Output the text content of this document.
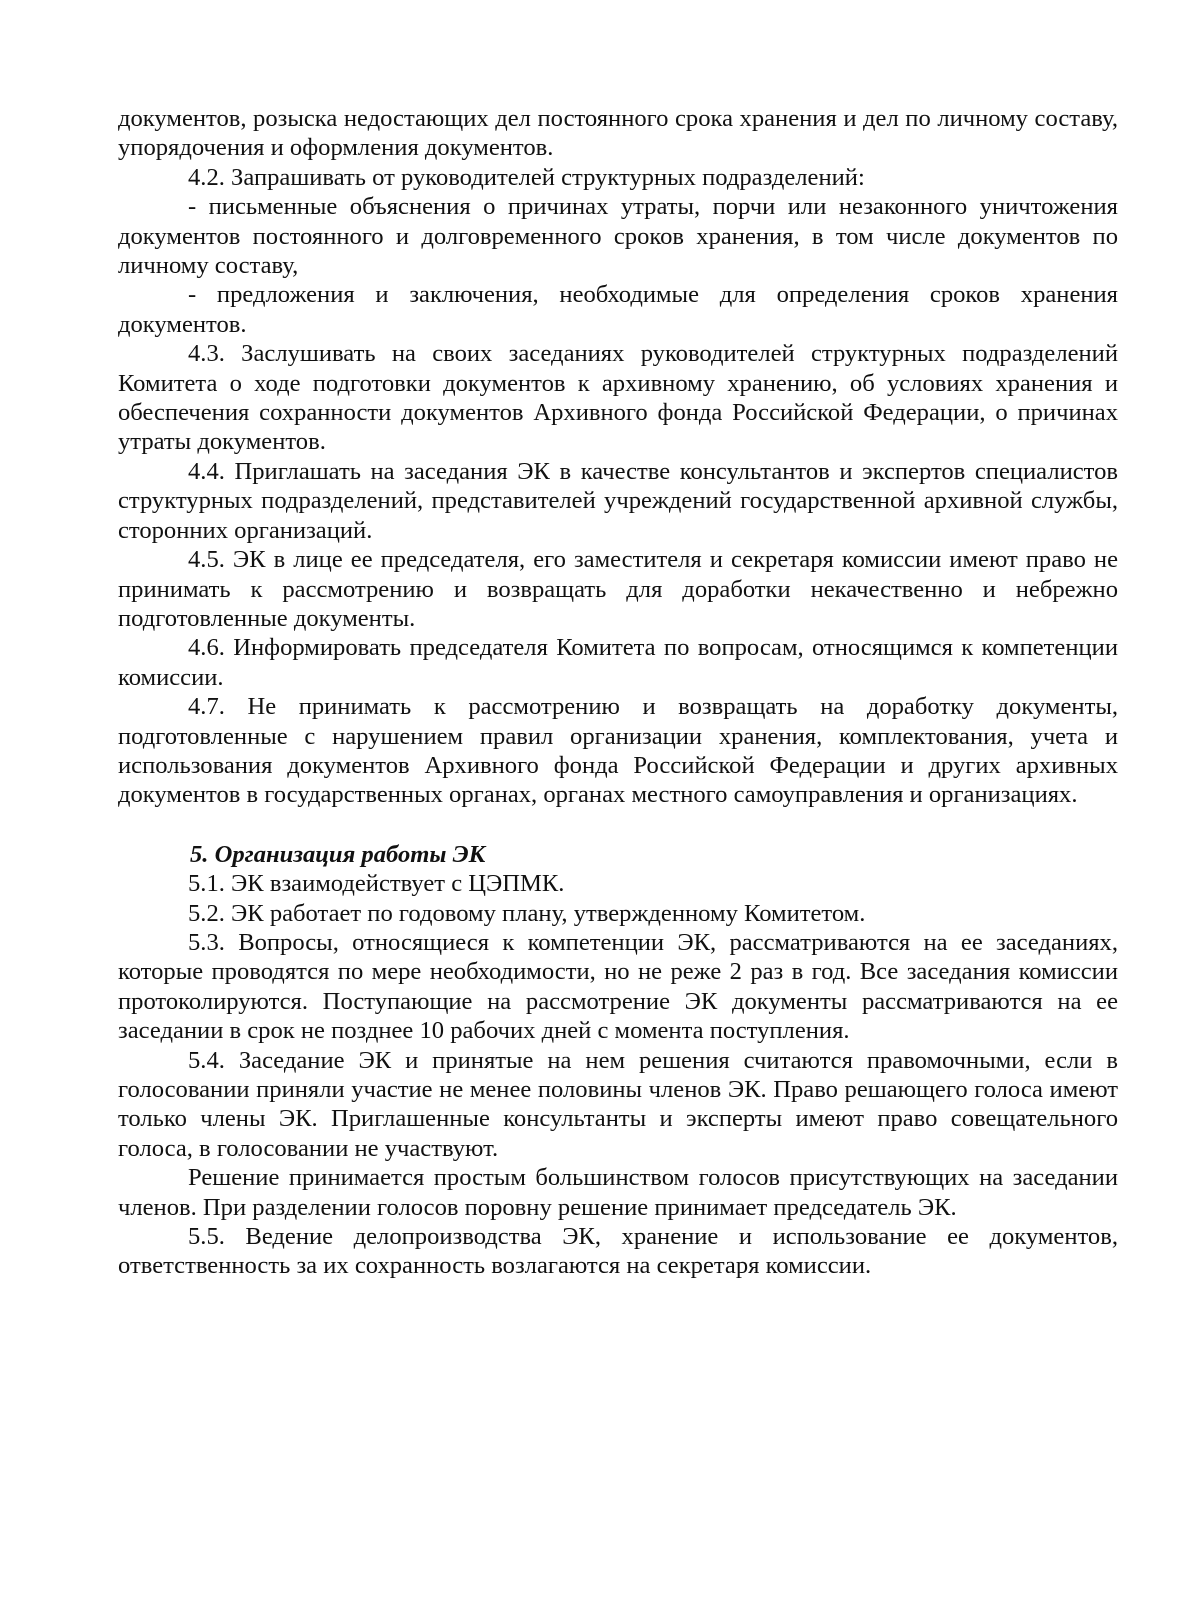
документов, розыска недостающих дел постоянного срока хранения и дел по личному составу, упорядочения и оформления документов.

4.2. Запрашивать от руководителей структурных подразделений:

- письменные объяснения о причинах утраты, порчи или незаконного уничтожения документов постоянного и долговременного сроков хранения, в том числе документов по личному составу,

- предложения и заключения, необходимые для определения сроков хранения документов.

4.3. Заслушивать на своих заседаниях руководителей структурных подразделений Комитета о ходе подготовки документов к архивному хранению, об условиях хранения и обеспечения сохранности документов Архивного фонда Российской Федерации, о причинах утраты документов.

4.4. Приглашать на заседания ЭК в качестве консультантов и экспертов специалистов структурных подразделений, представителей учреждений государственной архивной службы, сторонних организаций.

4.5. ЭК в лице ее председателя, его заместителя и секретаря комиссии имеют право не принимать к рассмотрению и возвращать для доработки некачественно и небрежно подготовленные документы.

4.6. Информировать председателя Комитета по вопросам, относящимся к компетенции комиссии.

4.7. Не принимать к рассмотрению и возвращать на доработку документы, подготовленные с нарушением правил организации хранения, комплектования, учета и использования документов Архивного фонда Российской Федерации и других архивных документов в государственных органах, органах местного самоуправления и организациях.

5. Организация работы ЭК

5.1. ЭК взаимодействует с ЦЭПМК.

5.2. ЭК работает по годовому плану, утвержденному Комитетом.

5.3. Вопросы, относящиеся к компетенции ЭК, рассматриваются на ее заседаниях, которые проводятся по мере необходимости, но не реже 2 раз в год. Все заседания комиссии протоколируются. Поступающие на рассмотрение ЭК документы рассматриваются на ее заседании в срок не позднее 10 рабочих дней с момента поступления.

5.4. Заседание ЭК и принятые на нем решения считаются правомочными, если в голосовании приняли участие не менее половины членов ЭК. Право решающего голоса имеют только члены ЭК. Приглашенные консультанты и эксперты имеют право совещательного голоса, в голосовании не участвуют.

Решение принимается простым большинством голосов присутствующих на заседании членов. При разделении голосов поровну решение принимает председатель ЭК.

5.5. Ведение делопроизводства ЭК, хранение и использование ее документов, ответственность за их сохранность возлагаются на секретаря комиссии.
